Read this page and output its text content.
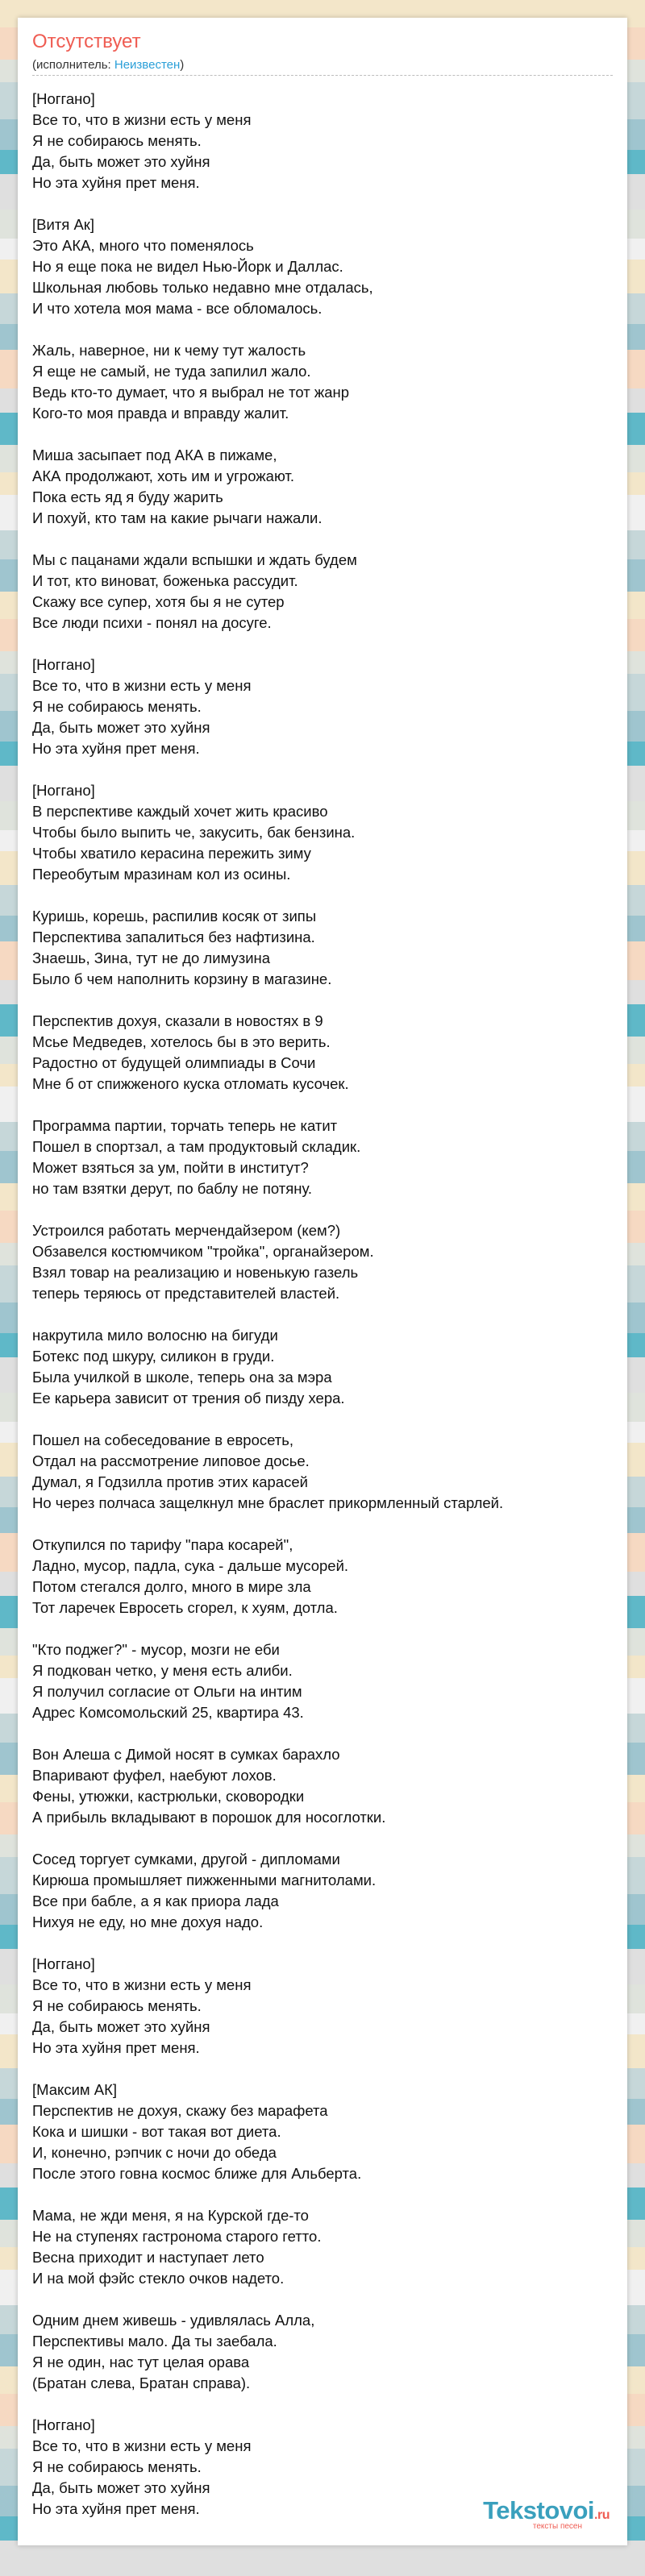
Отсутствует
(исполнитель: Неизвестен)
[Ноггано]
Все то, что в жизни есть у меня
Я не собираюсь менять.
Да, быть может это хуйня
Но эта хуйня прет меня.
[Витя Ак]
Это АКА, много что поменялось
Но я еще пока не видел Нью-Йорк и Даллас.
Школьная любовь только недавно мне отдалась,
И что хотела моя мама - все обломалось.
Жаль, наверное, ни к чему тут жалость
Я еще не самый, не туда запилил жало.
Ведь кто-то думает, что я выбрал не тот жанр
Кого-то моя правда и вправду жалит.
Миша засыпает под АКА в пижаме,
АКА продолжают, хоть им и угрожают.
Пока есть яд я буду жарить
И похуй, кто там на какие рычаги нажали.
Мы с пацанами ждали вспышки и ждать будем
И тот, кто виноват, боженька рассудит.
Скажу все супер, хотя бы я не сутер
Все люди психи - понял на досуге.
[Ноггано]
Все то, что в жизни есть у меня
Я не собираюсь менять.
Да, быть может это хуйня
Но эта хуйня прет меня.
[Ноггано]
В перспективе каждый хочет жить красиво
Чтобы было выпить че, закусить, бак бензина.
Чтобы хватило керасина пережить зиму
Переобутым мразинам кол из осины.
Куришь, корешь, распилив косяк от зипы
Перспектива запалиться без нафтизина.
Знаешь, Зина, тут не до лимузина
Было б чем наполнить корзину в магазине.
Перспектив дохуя, сказали в новостях в 9
Мсье Медведев, хотелось бы в это верить.
Радостно от будущей олимпиады в Сочи
Мне б от спижженого куска отломать кусочек.
Программа партии, торчать теперь не катит
Пошел в спортзал, а там продуктовый складик.
Может взяться за ум, пойти в институт?
но там взятки дерут, по баблу не потяну.
Устроился работать мерчендайзером (кем?)
Обзавелся костюмчиком "тройка", органайзером.
Взял товар на реализацию и новенькую газель
теперь теряюсь от представителей властей.
накрутила мило волосню на бигуди
Ботекс под шкуру, силикон в груди.
Была училкой в школе, теперь она за мэра
Ее карьера зависит от трения об пизду хера.
Пошел на собеседование в евросеть,
Отдал на рассмотрение липовое досье.
Думал, я Годзилла против этих карасей
Но через полчаса защелкнул мне браслет прикормленный старлей.
Откупился по тарифу "пара косарей",
Ладно, мусор, падла, сука - дальше мусорей.
Потом стегался долго, много в мире зла
Тот ларечек Евросеть сгорел, к хуям, дотла.
"Кто поджег?" - мусор, мозги не еби
Я подкован четко, у меня есть алиби.
Я получил согласие от Ольги на интим
Адрес Комсомольский 25, квартира 43.
Вон Алеша с Димой носят в сумках барахло
Впаривают фуфел, наебуют лохов.
Фены, утюжки, кастрюльки, сковородки
А прибыль вкладывают в порошок для носоглотки.
Сосед торгует сумками, другой - дипломами
Кирюша промышляет пижженными магнитолами.
Все при бабле, а я как приора лада
Нихуя не еду, но мне дохуя надо.
[Ноггано]
Все то, что в жизни есть у меня
Я не собираюсь менять.
Да, быть может это хуйня
Но эта хуйня прет меня.
[Максим АК]
Перспектив не дохуя, скажу без марафета
Кока и шишки - вот такая вот диета.
И, конечно, рэпчик с ночи до обеда
После этого говна космос ближе для Альберта.
Мама, не жди меня, я на Курской где-то
Не на ступенях гастронома старого гетто.
Весна приходит и наступает лето
И на мой фэйс стекло очков надето.
Одним днем живешь - удивлялась Алла,
Перспективы мало. Да ты заебала.
Я не один, нас тут целая орава
(Братан слева, Братан справа).
[Ноггано]
Все то, что в жизни есть у меня
Я не собираюсь менять.
Да, быть может это хуйня
Но эта хуйня прет меня.	Tekstovoi.ru
тексты песен
